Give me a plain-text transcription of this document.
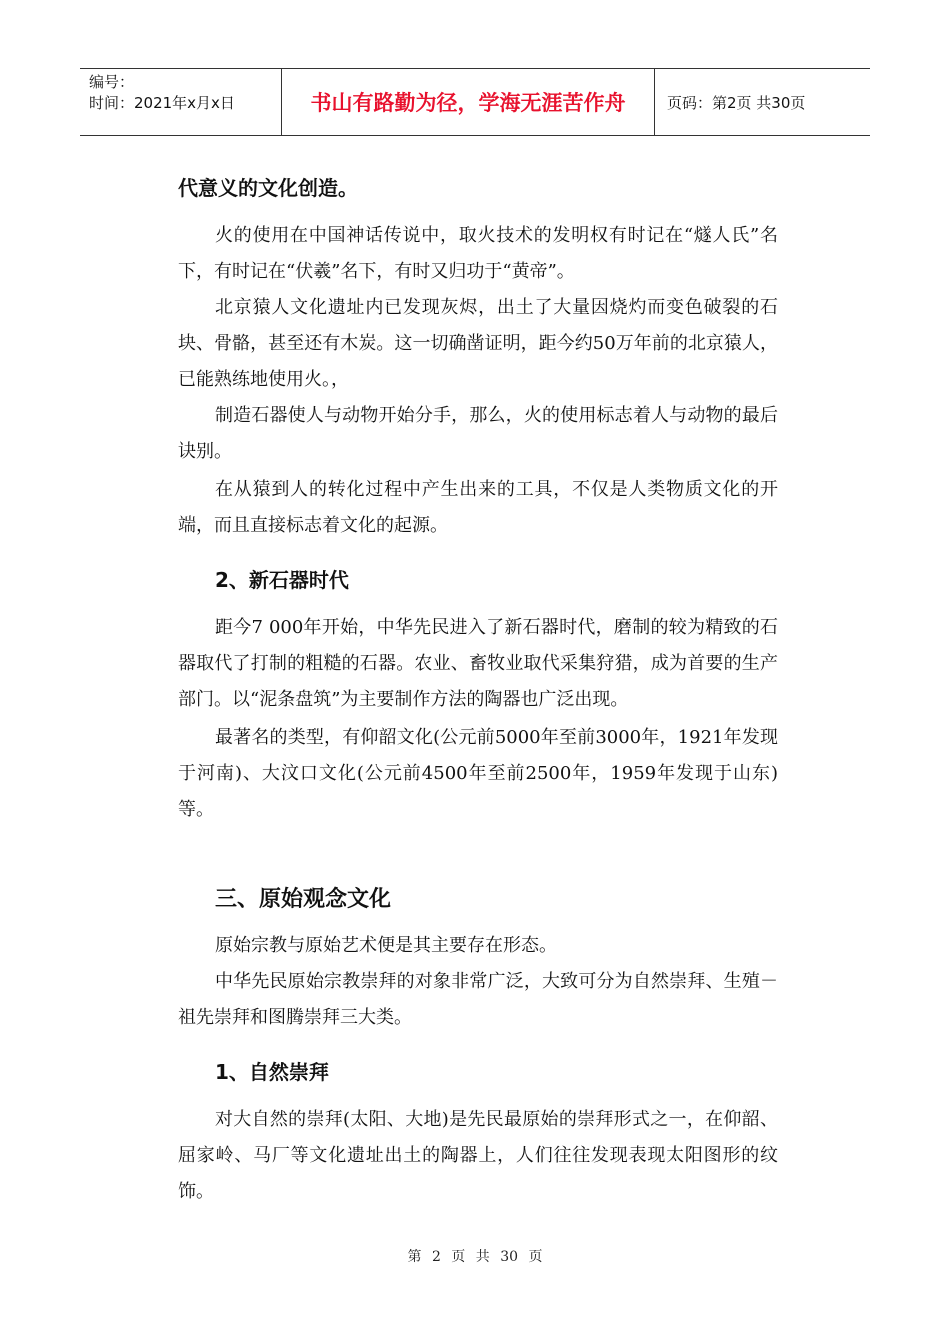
编号：
时间：2021年x月x日	书山有路勤为径，学海无涯苦作舟	页码：第2页 共30页
代意义的文化创造。
火的使用在中国神话传说中，取火技术的发明权有时记在“燧人氏”名下，有时记在“伏羲”名下，有时又归功于“黄帝”。
北京猿人文化遗址内已发现灰烬，出土了大量因烧灼而变色破裂的石块、骨骼，甚至还有木炭。这一切确凿证明，距今约50万年前的北京猿人，已能熟练地使用火。，
制造石器使人与动物开始分手，那么，火的使用标志着人与动物的最后诀别。
在从猿到人的转化过程中产生出来的工具，不仅是人类物质文化的开端，而且直接标志着文化的起源。
2、新石器时代
距今7 000年开始，中华先民进入了新石器时代，磨制的较为精致的石器取代了打制的粗糙的石器。农业、畜牧业取代采集狩猎，成为首要的生产部门。以“泥条盘筑”为主要制作方法的陶器也广泛出现。
最著名的类型，有仰韶文化(公元前5000年至前3000年，1921年发现于河南)、大汶口文化(公元前4500年至前2500年，1959年发现于山东)等。
三、原始观念文化
原始宗教与原始艺术便是其主要存在形态。
中华先民原始宗教崇拜的对象非常广泛，大致可分为自然崇拜、生殖－祖先崇拜和图腾崇拜三大类。
1、自然崇拜
对大自然的崇拜(太阳、大地)是先民最原始的崇拜形式之一，在仰韶、屈家岭、马厂等文化遗址出土的陶器上，人们往往发现表现太阳图形的纹饰。
第 2 页 共 30 页
